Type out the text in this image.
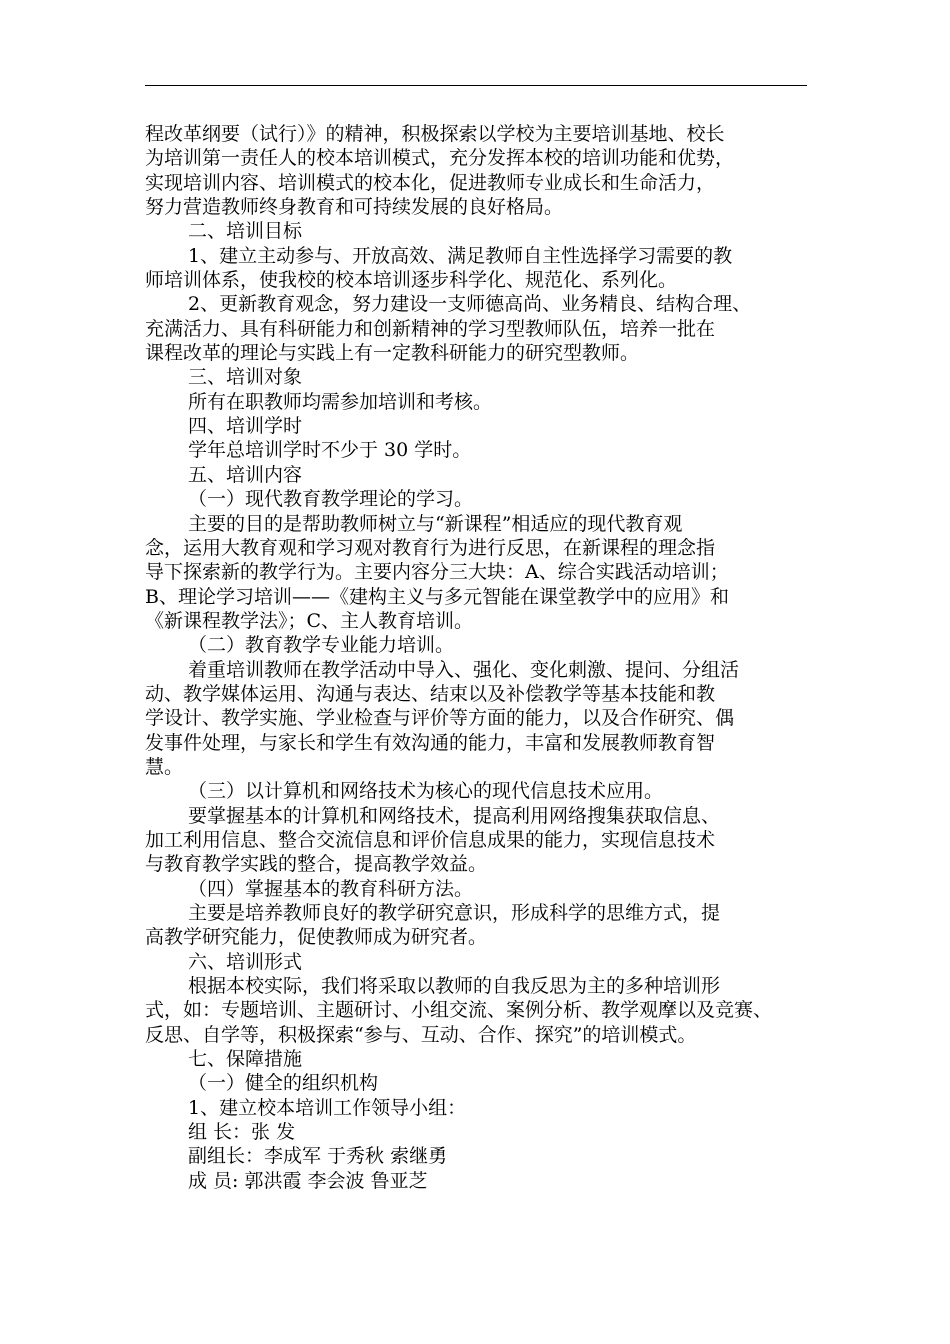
程改革纲要（试行）》的精神，积极探索以学校为主要培训基地、校长
为培训第一责任人的校本培训模式，充分发挥本校的培训功能和优势，
实现培训内容、培训模式的校本化，促进教师专业成长和生命活力，
努力营造教师终身教育和可持续发展的良好格局。
二、培训目标
1、建立主动参与、开放高效、满足教师自主性选择学习需要的教
师培训体系，使我校的校本培训逐步科学化、规范化、系列化。
2、更新教育观念，努力建设一支师德高尚、业务精良、结构合理、
充满活力、具有科研能力和创新精神的学习型教师队伍，培养一批在
课程改革的理论与实践上有一定教科研能力的研究型教师。
三、培训对象
所有在职教师均需参加培训和考核。
四、培训学时
学年总培训学时不少于 30 学时。
五、培训内容
（一）现代教育教学理论的学习。
主要的目的是帮助教师树立与“新课程”相适应的现代教育观
念，运用大教育观和学习观对教育行为进行反思，在新课程的理念指
导下探索新的教学行为。主要内容分三大块：A、综合实践活动培训；
B、理论学习培训——《建构主义与多元智能在课堂教学中的应用》和
《新课程教学法》；C、主人教育培训。
（二）教育教学专业能力培训。
着重培训教师在教学活动中导入、强化、变化刺激、提问、分组活
动、教学媒体运用、沟通与表达、结束以及补偿教学等基本技能和教
学设计、教学实施、学业检查与评价等方面的能力，以及合作研究、偶
发事件处理，与家长和学生有效沟通的能力，丰富和发展教师教育智
慧。
（三）以计算机和网络技术为核心的现代信息技术应用。
要掌握基本的计算机和网络技术，提高利用网络搜集获取信息、
加工利用信息、整合交流信息和评价信息成果的能力，实现信息技术
与教育教学实践的整合，提高教学效益。
（四）掌握基本的教育科研方法。
主要是培养教师良好的教学研究意识，形成科学的思维方式，提
高教学研究能力，促使教师成为研究者。
六、培训形式
根据本校实际，我们将采取以教师的自我反思为主的多种培训形
式，如：专题培训、主题研讨、小组交流、案例分析、教学观摩以及竞赛、
反思、自学等，积极探索“参与、互动、合作、探究”的培训模式。
七、保障措施
（一）健全的组织机构
1、建立校本培训工作领导小组：
组 长：张 发
副组长：李成军 于秀秋 索继勇
成 员: 郭洪霞 李会波 鲁亚芝
